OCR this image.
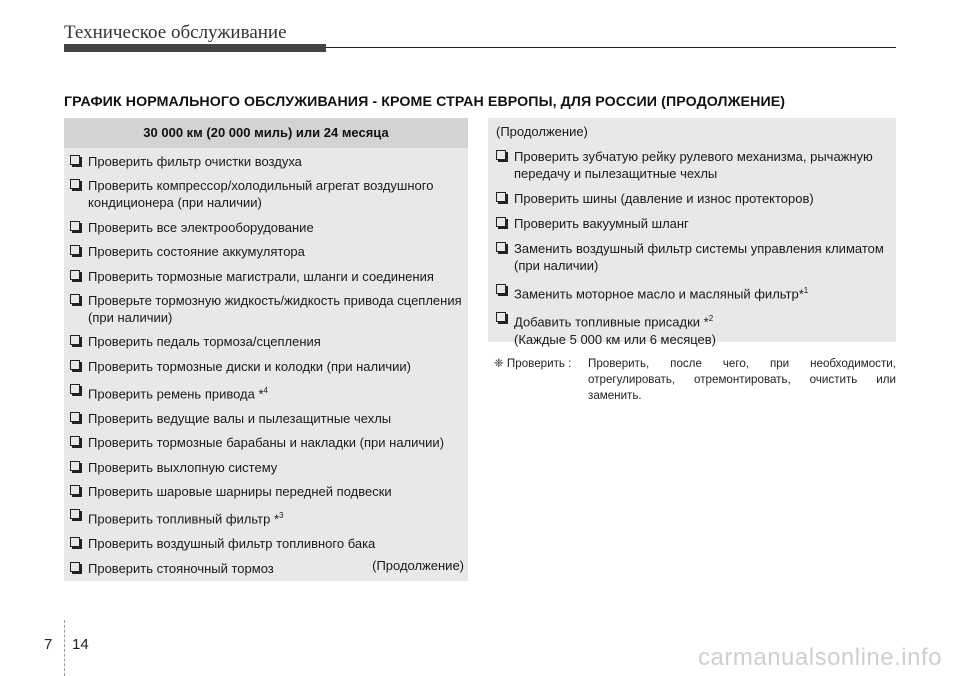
Техническое обслуживание
ГРАФИК НОРМАЛЬНОГО ОБСЛУЖИВАНИЯ - КРОМЕ СТРАН ЕВРОПЫ, ДЛЯ РОССИИ (ПРОДОЛЖЕНИЕ)
30 000 км (20 000 миль) или 24 месяца
Проверить фильтр очистки воздуха
Проверить компрессор/холодильный агрегат воздушного кондиционера (при наличии)
Проверить все электрооборудование
Проверить состояние аккумулятора
Проверить тормозные магистрали, шланги и соединения
Проверьте тормозную жидкость/жидкость привода сцепления (при наличии)
Проверить педаль тормоза/сцепления
Проверить тормозные диски и колодки (при наличии)
Проверить ремень привода *$^4$
Проверить ведущие валы и пылезащитные чехлы
Проверить тормозные барабаны и накладки (при наличии)
Проверить выхлопную систему
Проверить шаровые шарниры передней подвески
Проверить топливный фильтр *$^3$
Проверить воздушный фильтр топливного бака
Проверить стояночный тормоз	(Продолжение)
(Продолжение)
Проверить зубчатую рейку рулевого механизма, рычажную передачу и пылезащитные чехлы
Проверить шины (давление и износ протекторов)
Проверить вакуумный шланг
Заменить воздушный фильтр системы управления климатом (при наличии)
Заменить моторное масло и масляный фильтр*$^1$
Добавить топливные присадки *$^2$
(Каждые 5 000 км или 6 месяцев)
❈ Проверить : Проверить, после чего, при необходимости, отрегулировать, отремонтировать, очистить или заменить.
7 14	carmanualsonline.info
